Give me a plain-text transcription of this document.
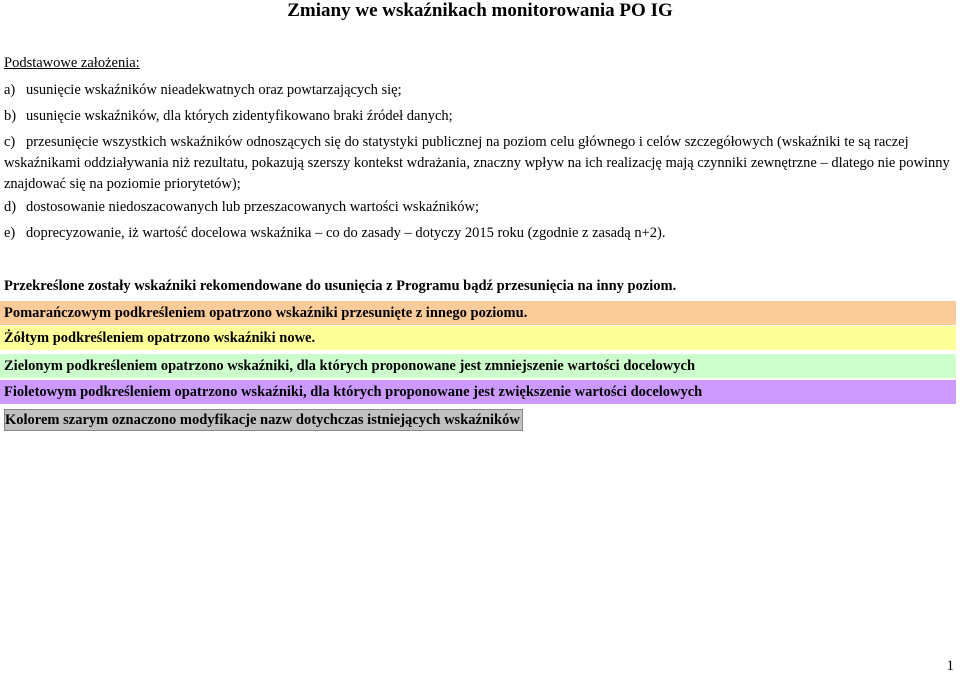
Zmiany we wskaźnikach monitorowania PO IG
Podstawowe założenia:
a) usunięcie wskaźników nieadekwatnych oraz powtarzających się;
b) usunięcie wskaźników, dla których zidentyfikowano braki źródeł danych;
c) przesunięcie wszystkich wskaźników odnoszących się do statystyki publicznej na poziom celu głównego i celów szczegółowych (wskaźniki te są raczej wskaźnikami oddziaływania niż rezultatu, pokazują szerszy kontekst wdrażania, znaczny wpływ na ich realizację mają czynniki zewnętrzne – dlatego nie powinny znajdować się na poziomie priorytetów);
d) dostosowanie niedoszacowanych lub przeszacowanych wartości wskaźników;
e) doprecyzowanie, iż wartość docelowa wskaźnika – co do zasady – dotyczy 2015 roku (zgodnie z zasadą n+2).
Przekreślone zostały wskaźniki rekomendowane do usunięcia z Programu bądź przesunięcia na inny poziom.
Pomarańczowym podkreśleniem opatrzono wskaźniki przesunięte z innego poziomu.
Żółtym podkreśleniem opatrzono wskaźniki nowe.
Zielonym podkreśleniem opatrzono wskaźniki, dla których proponowane jest zmniejszenie wartości docelowych
Fioletowym podkreśleniem opatrzono wskaźniki, dla których proponowane jest zwiększenie wartości docelowych
Kolorem szarym oznaczono modyfikacje nazw dotychczas istniejących wskaźników
1
